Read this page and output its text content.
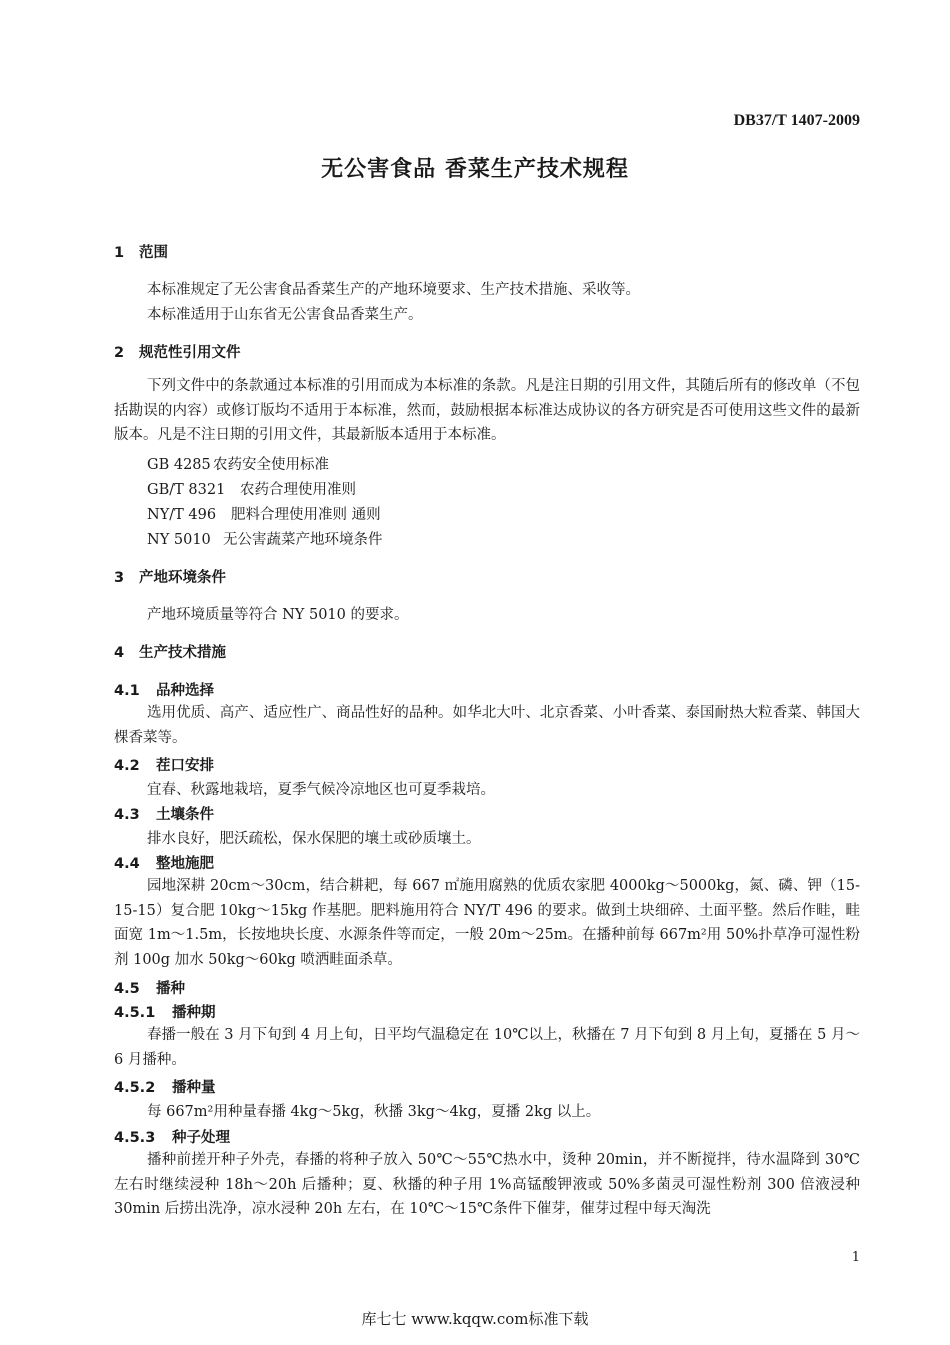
DB37/T 1407-2009
无公害食品 香菜生产技术规程
1 范围
本标准规定了无公害食品香菜生产的产地环境要求、生产技术措施、采收等。
本标准适用于山东省无公害食品香菜生产。
2 规范性引用文件
下列文件中的条款通过本标准的引用而成为本标准的条款。凡是注日期的引用文件，其随后所有的修改单（不包括勘误的内容）或修订版均不适用于本标准，然而，鼓励根据本标准达成协议的各方研究是否可使用这些文件的最新版本。凡是不注日期的引用文件，其最新版本适用于本标准。
GB 4285 农药安全使用标准
GB/T 8321 农药合理使用准则
NY/T 496 肥料合理使用准则 通则
NY 5010 无公害蔬菜产地环境条件
3 产地环境条件
产地环境质量等符合 NY 5010 的要求。
4 生产技术措施
4.1 品种选择
选用优质、高产、适应性广、商品性好的品种。如华北大叶、北京香菜、小叶香菜、泰国耐热大粒香菜、韩国大棵香菜等。
4.2 茬口安排
宜春、秋露地栽培，夏季气候冷凉地区也可夏季栽培。
4.3 土壤条件
排水良好，肥沃疏松，保水保肥的壤土或砂质壤土。
4.4 整地施肥
园地深耕 20cm～30cm，结合耕耙，每 667 ㎡施用腐熟的优质农家肥 4000kg～5000kg，氮、磷、钾（15-15-15）复合肥 10kg～15kg 作基肥。肥料施用符合 NY/T 496 的要求。做到土块细碎、土面平整。然后作畦，畦面宽 1m～1.5m，长按地块长度、水源条件等而定，一般 20m～25m。在播种前每 667m²用 50%扑草净可湿性粉剂 100g 加水 50kg～60kg 喷洒畦面杀草。
4.5 播种
4.5.1 播种期
春播一般在 3 月下旬到 4 月上旬，日平均气温稳定在 10℃以上，秋播在 7 月下旬到 8 月上旬，夏播在 5 月～6 月播种。
4.5.2 播种量
每 667m²用种量春播 4kg～5kg，秋播 3kg～4kg，夏播 2kg 以上。
4.5.3 种子处理
播种前搓开种子外壳，春播的将种子放入 50℃～55℃热水中，烫种 20min，并不断搅拌，待水温降到 30℃左右时继续浸种 18h～20h 后播种；夏、秋播的种子用 1%高锰酸钾液或 50%多菌灵可湿性粉剂 300 倍液浸种 30min 后捞出洗净，凉水浸种 20h 左右，在 10℃～15℃条件下催芽，催芽过程中每天淘洗
1
库七七 www.kqqw.com标准下载
